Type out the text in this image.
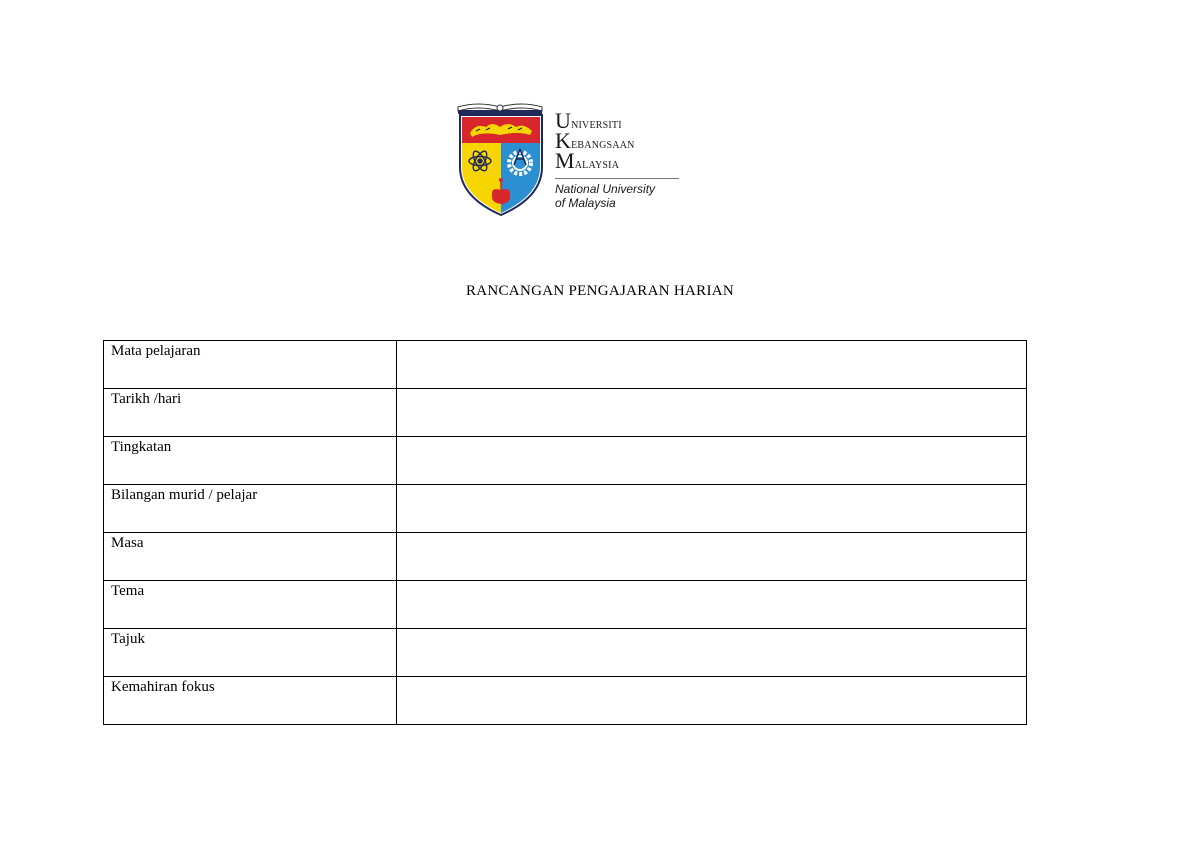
Universiti
Kebangsaan
Malaysia
National University
of Malaysia
RANCANGAN PENGAJARAN HARIAN
Mata pelajaran	
Tarikh /hari	
Tingkatan	
Bilangan murid / pelajar	
Masa	
Tema	
Tajuk	
Kemahiran fokus	
